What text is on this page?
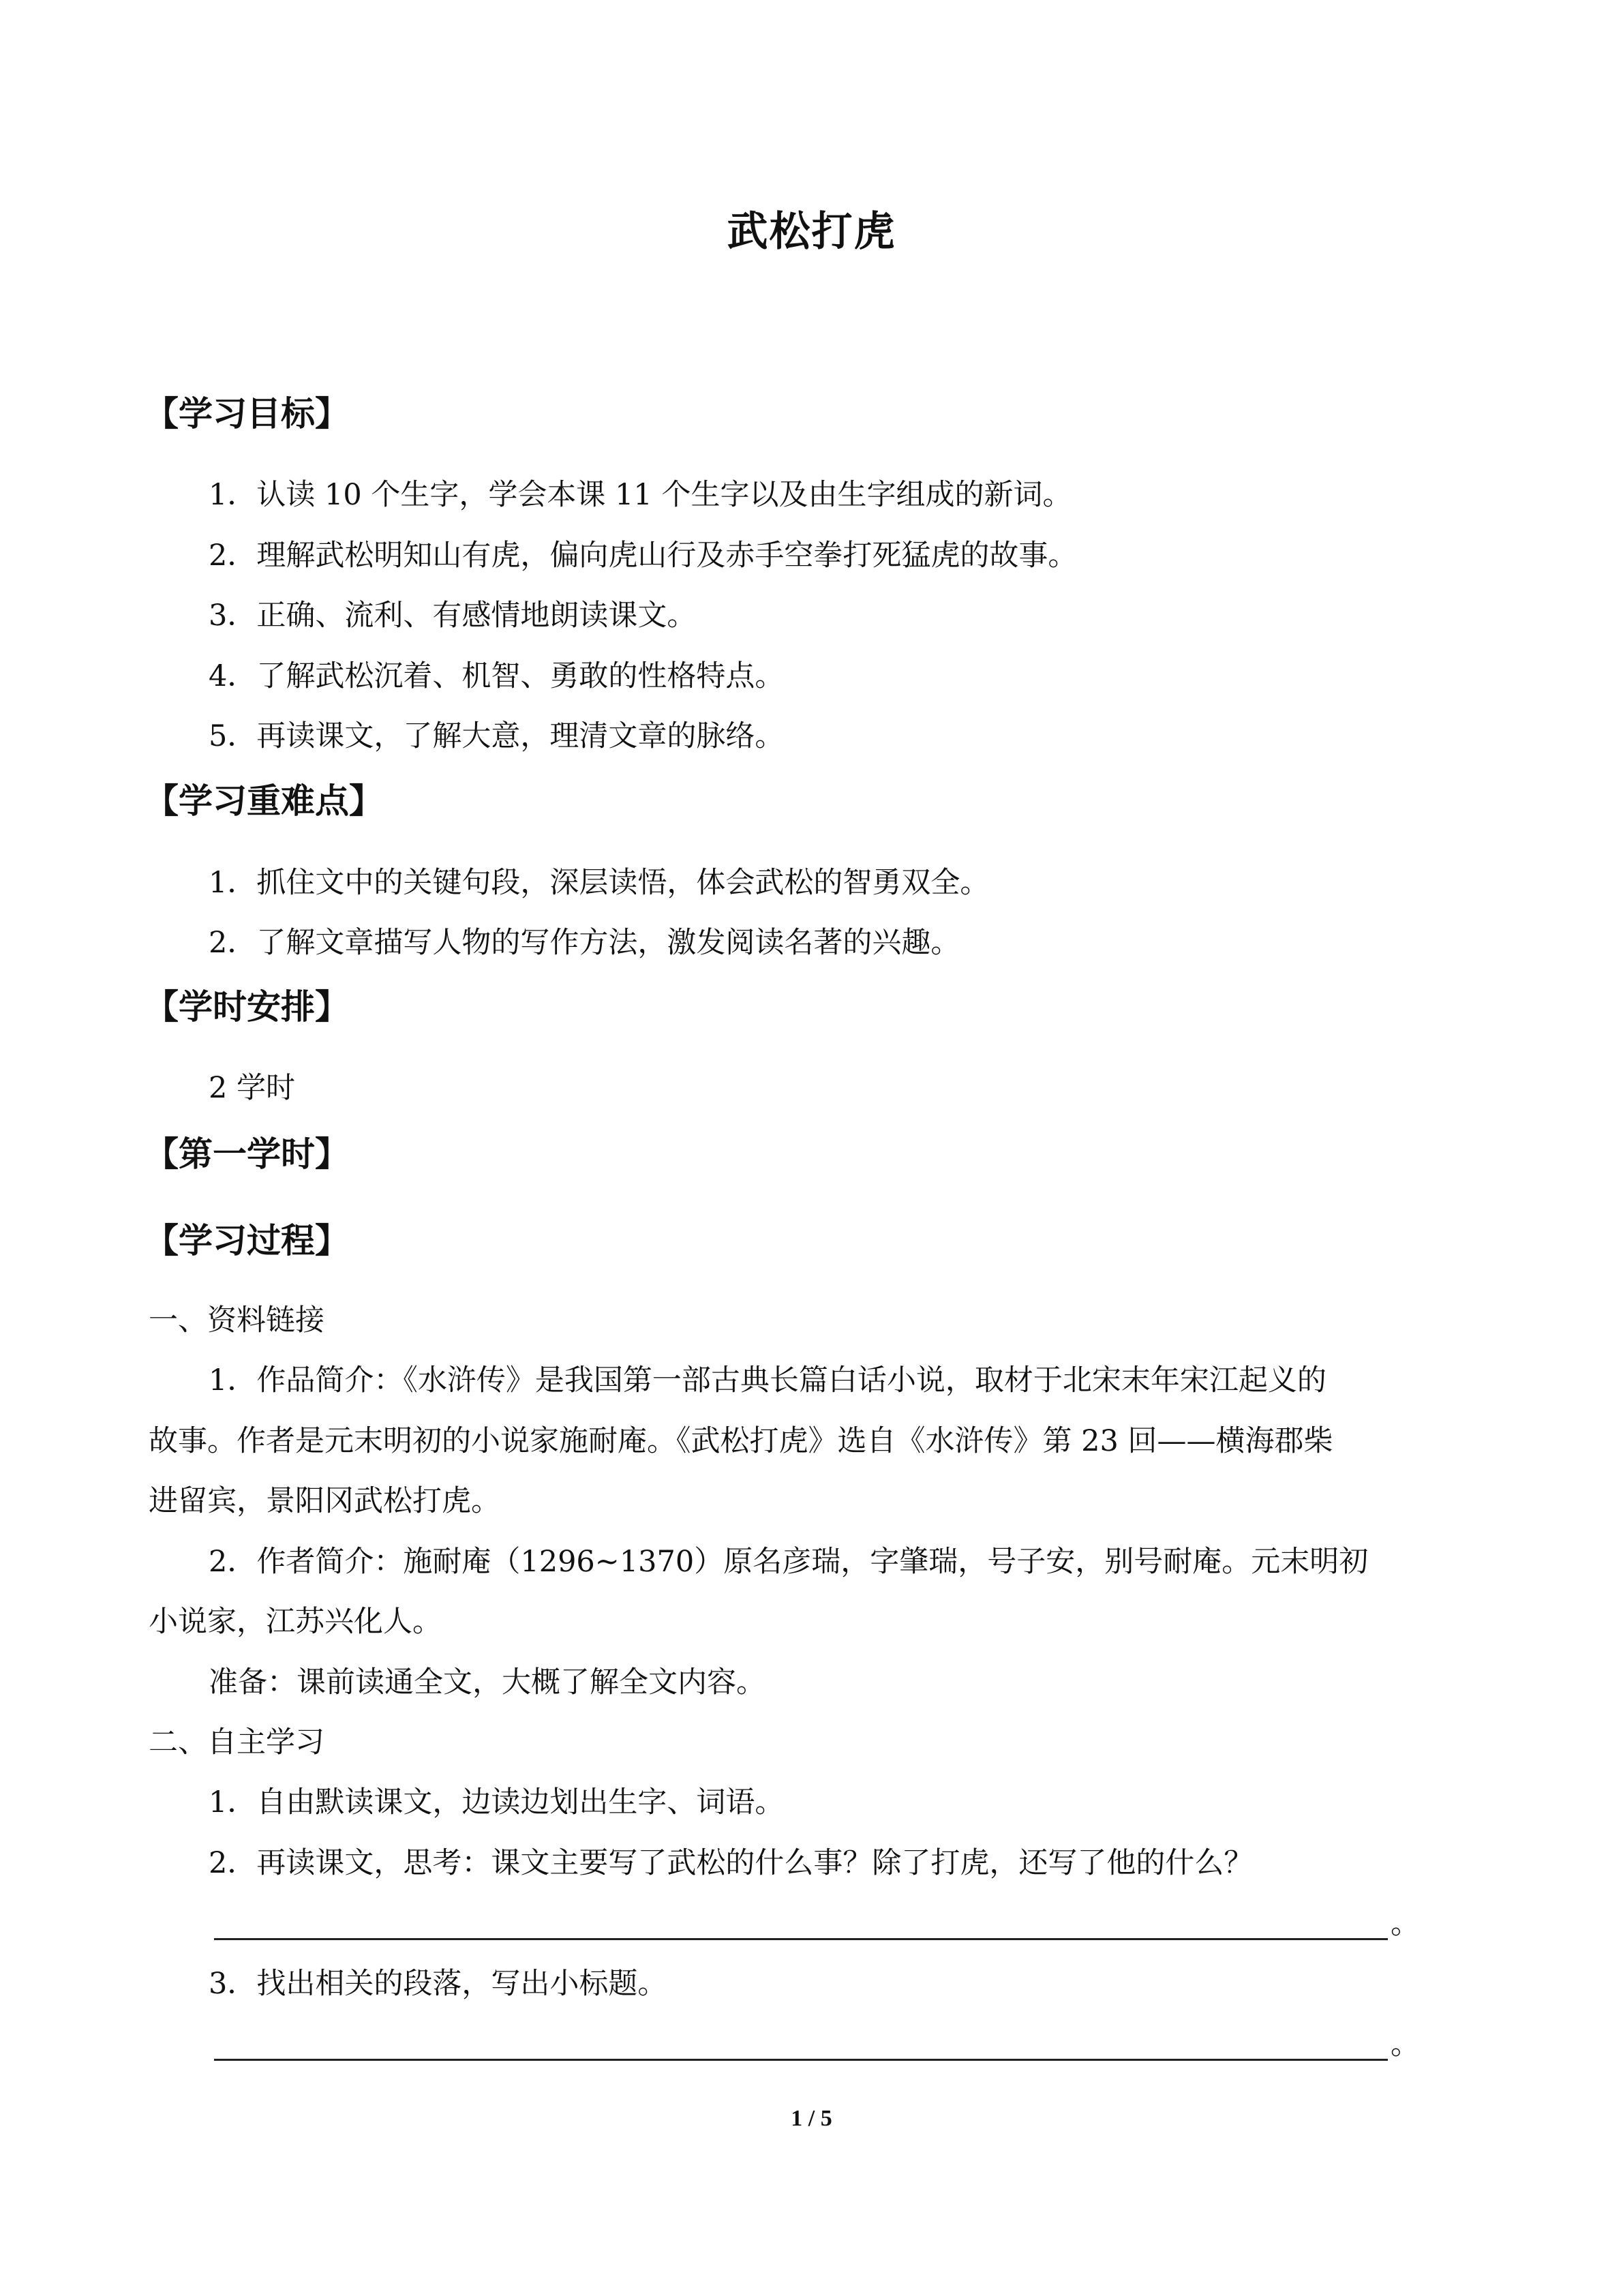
武松打虎
【学习目标】
1．认读 10 个生字，学会本课 11 个生字以及由生字组成的新词。
2．理解武松明知山有虎，偏向虎山行及赤手空拳打死猛虎的故事。
3．正确、流利、有感情地朗读课文。
4．了解武松沉着、机智、勇敢的性格特点。
5．再读课文，了解大意，理清文章的脉络。
【学习重难点】
1．抓住文中的关键句段，深层读悟，体会武松的智勇双全。
2．了解文章描写人物的写作方法，激发阅读名著的兴趣。
【学时安排】
2 学时
【第一学时】
【学习过程】
一、资料链接
1．作品简介：《水浒传》是我国第一部古典长篇白话小说，取材于北宋末年宋江起义的
故事。作者是元末明初的小说家施耐庵。《武松打虎》选自《水浒传》第 23 回——横海郡柴
进留宾，景阳冈武松打虎。
2．作者简介：施耐庵（1296~1370）原名彦瑞，字肇瑞，号子安，别号耐庵。元末明初
小说家，江苏兴化人。
准备：课前读通全文，大概了解全文内容。
二、自主学习
1．自由默读课文，边读边划出生字、词语。
2．再读课文，思考：课文主要写了武松的什么事？除了打虎，还写了他的什么？
。
3．找出相关的段落，写出小标题。
。
1 / 5
